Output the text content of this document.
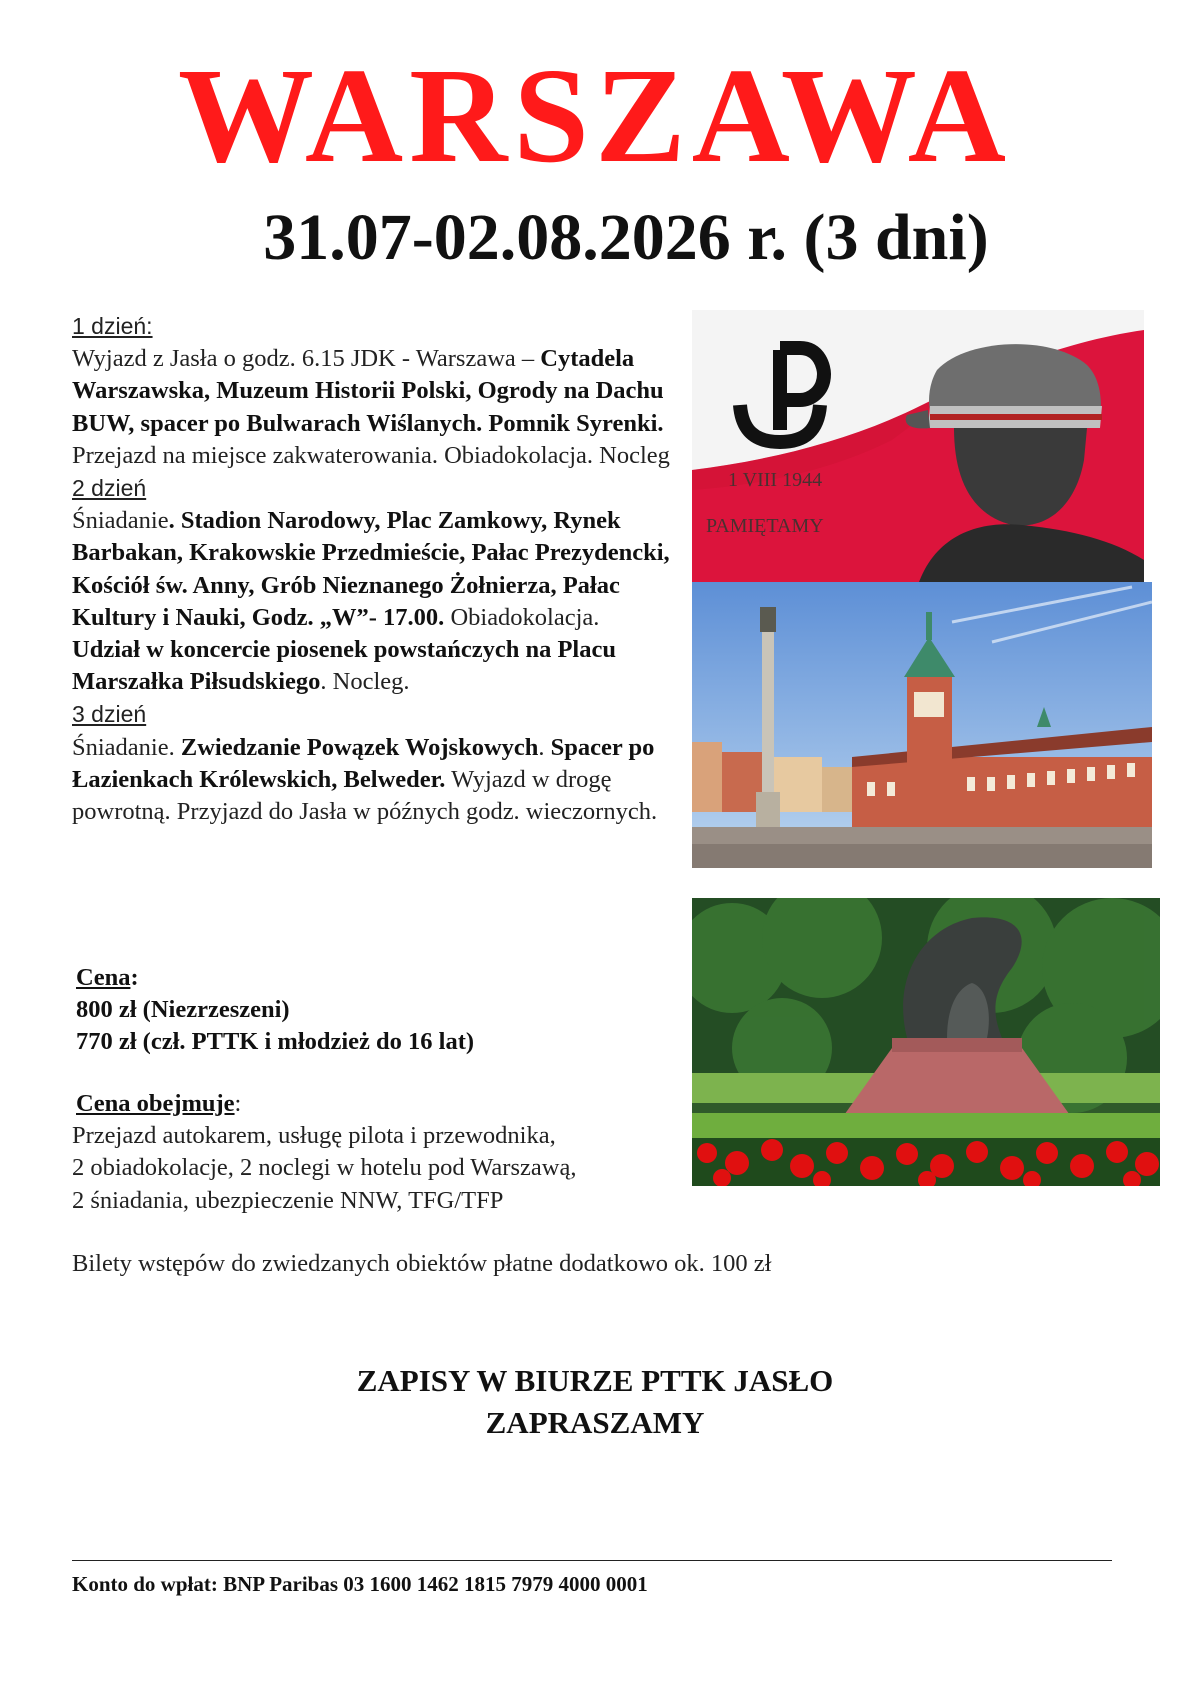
WARSZAWA
31.07-02.08.2026 r. (3 dni)
1 dzień:
Wyjazd z Jasła o godz. 6.15 JDK - Warszawa – Cytadela Warszawska, Muzeum Historii Polski, Ogrody na Dachu BUW, spacer po Bulwarach Wiślanych. Pomnik Syrenki. Przejazd na miejsce zakwaterowania. Obiadokolacja. Nocleg
2 dzień
Śniadanie. Stadion Narodowy, Plac Zamkowy, Rynek Barbakan, Krakowskie Przedmieście, Pałac Prezydencki, Kościół św. Anny, Grób Nieznanego Żołnierza, Pałac Kultury i Nauki, Godz. „W”- 17.00. Obiadokolacja. Udział w koncercie piosenek powstańczych na Placu Marszałka Piłsudskiego. Nocleg.
3 dzień
Śniadanie. Zwiedzanie Powązek Wojskowych. Spacer po Łazienkach Królewskich, Belweder. Wyjazd w drogę powrotną. Przyjazd do Jasła w późnych godz. wieczornych.
Cena:
800 zł (Niezrzeszeni)
770 zł (czł. PTTK i młodzież do 16 lat)
Cena obejmuje:
Przejazd autokarem, usługę pilota i przewodnika,
2 obiadokolacje, 2 noclegi w hotelu pod Warszawą,
2 śniadania, ubezpieczenie NNW, TFG/TFP
Bilety wstępów do zwiedzanych obiektów płatne dodatkowo ok. 100 zł
ZAPISY W BIURZE PTTK JASŁO
ZAPRASZAMY
Konto do wpłat: BNP Paribas 03 1600 1462 1815 7979 4000 0001
1 VIII 1944
PAMIĘTAMY
